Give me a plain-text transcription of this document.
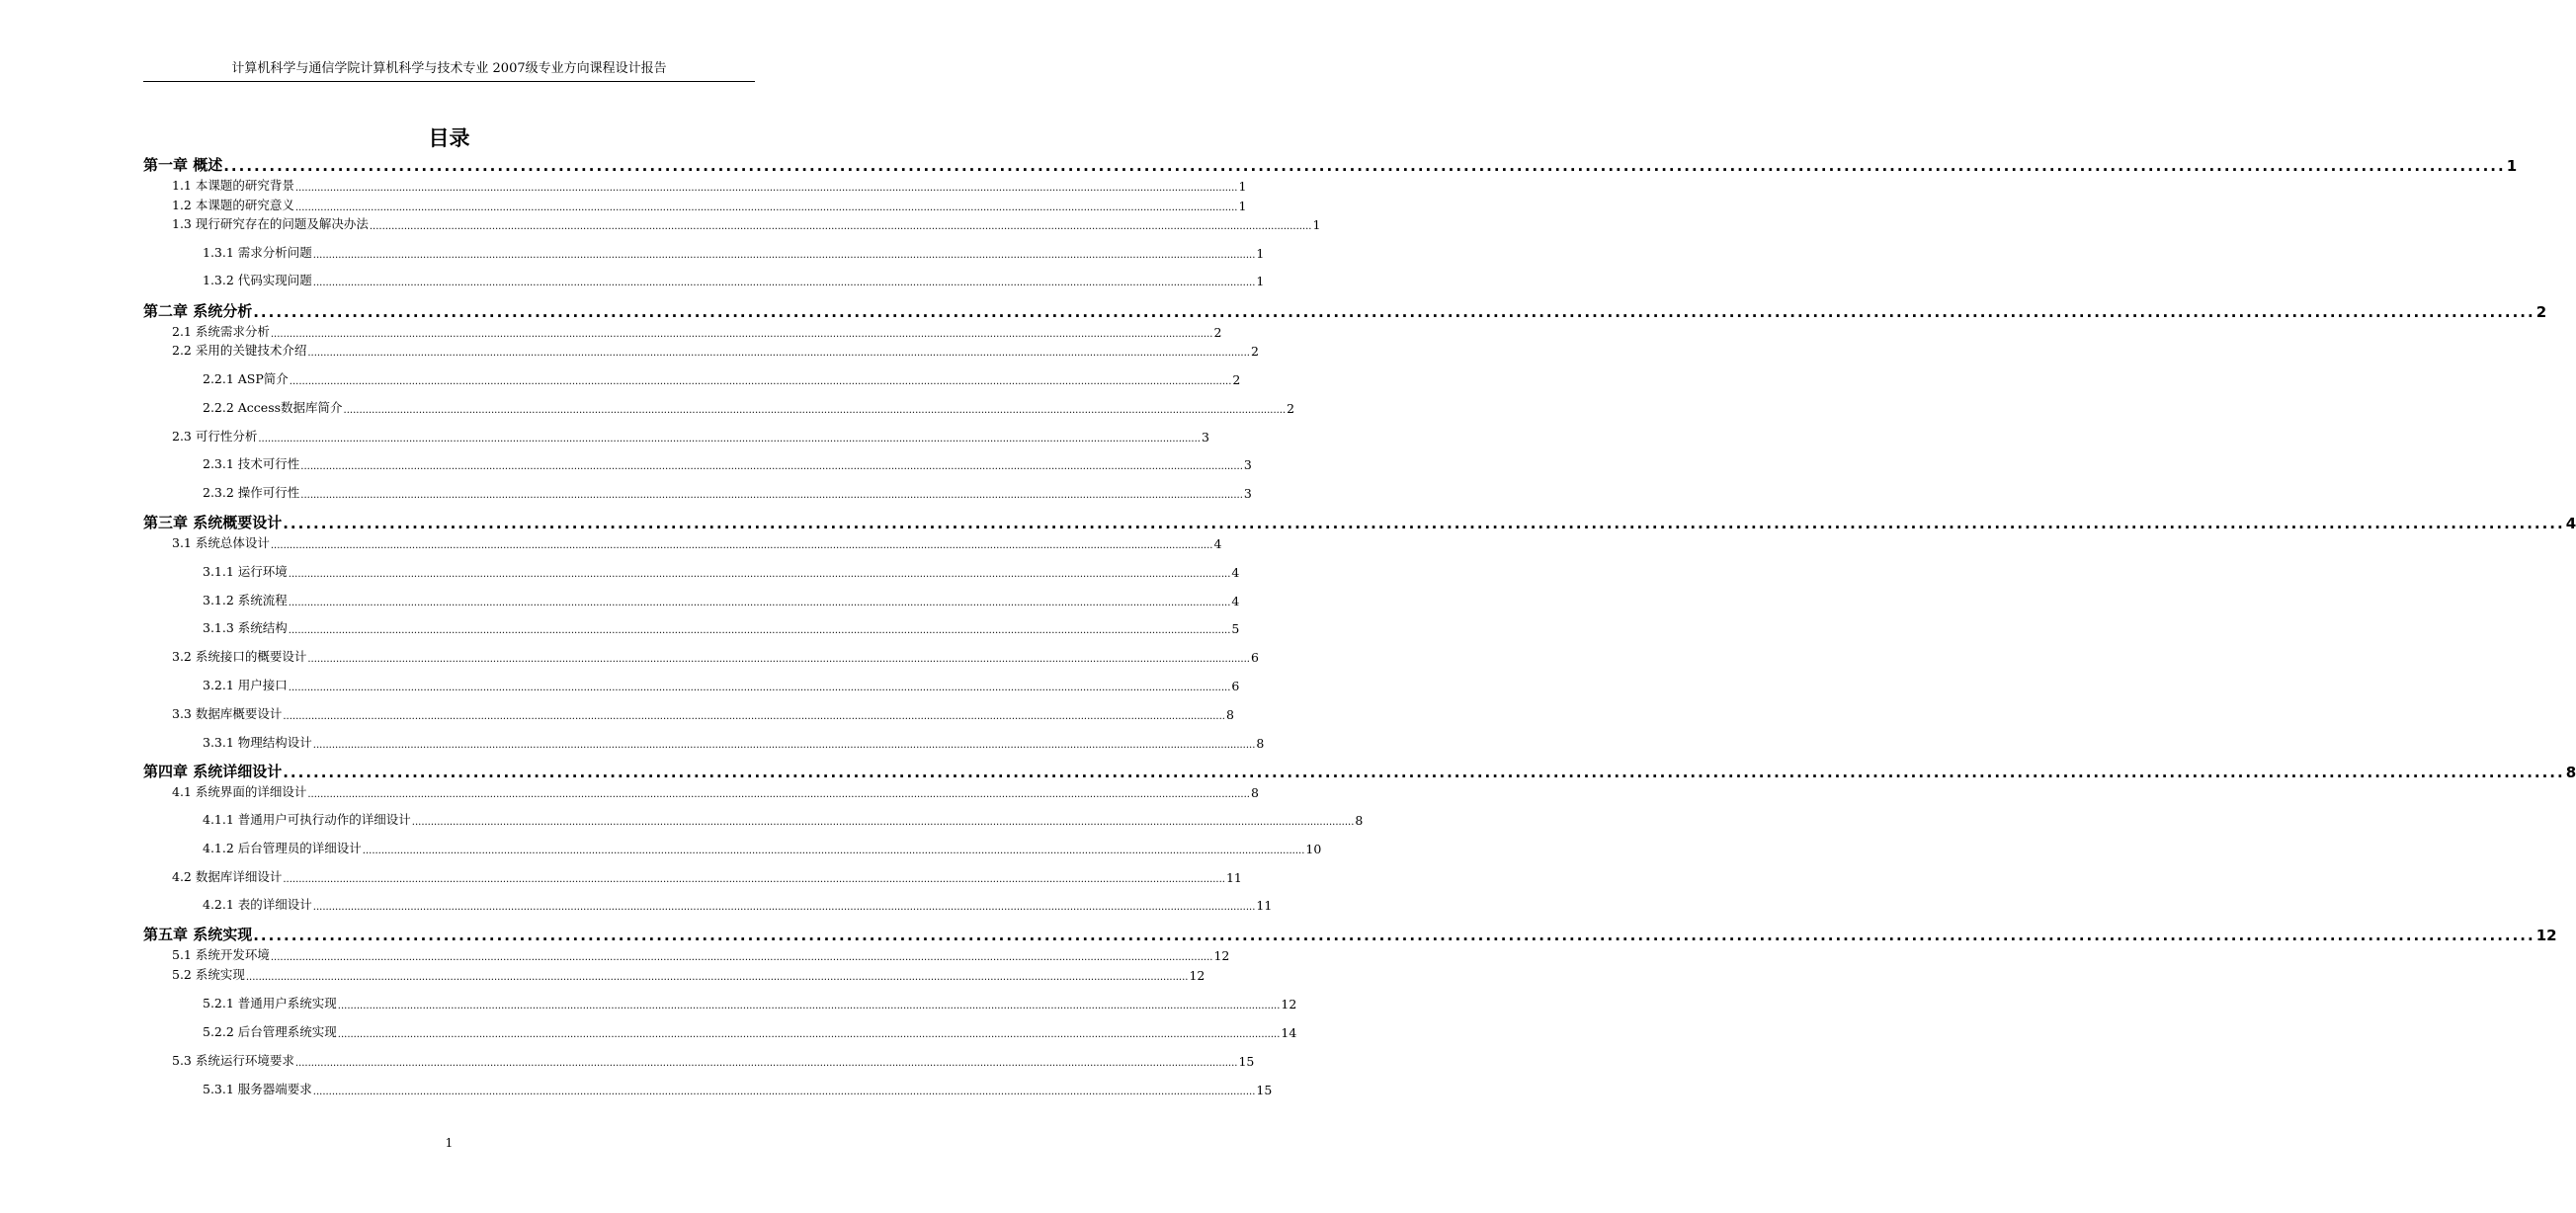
计算机科学与通信学院计算机科学与技术专业 2007级专业方向课程设计报告
目录
第一章 概述 ............................................................................................................................................................................................................................................................................................................ 1
1.1 本课题的研究背景 ............................................................................................................................................................................................................................................................................................................ 1
1.2 本课题的研究意义 ............................................................................................................................................................................................................................................................................................................ 1
1.3 现行研究存在的问题及解决办法 ............................................................................................................................................................................................................................................................................................................ 1
1.3.1 需求分析问题 ............................................................................................................................................................................................................................................................................................................ 1
1.3.2 代码实现问题 ............................................................................................................................................................................................................................................................................................................ 1
第二章 系统分析 ............................................................................................................................................................................................................................................................................................................ 2
2.1 系统需求分析 ............................................................................................................................................................................................................................................................................................................ 2
2.2 采用的关键技术介绍 ............................................................................................................................................................................................................................................................................................................ 2
2.2.1 ASP简介 ............................................................................................................................................................................................................................................................................................................ 2
2.2.2 Access数据库简介 ............................................................................................................................................................................................................................................................................................................ 2
2.3 可行性分析 ............................................................................................................................................................................................................................................................................................................ 3
2.3.1 技术可行性 ............................................................................................................................................................................................................................................................................................................ 3
2.3.2 操作可行性 ............................................................................................................................................................................................................................................................................................................ 3
第三章 系统概要设计 ............................................................................................................................................................................................................................................................................................................ 4
3.1 系统总体设计 ............................................................................................................................................................................................................................................................................................................ 4
3.1.1 运行环境 ............................................................................................................................................................................................................................................................................................................ 4
3.1.2 系统流程 ............................................................................................................................................................................................................................................................................................................ 4
3.1.3 系统结构 ............................................................................................................................................................................................................................................................................................................ 5
3.2 系统接口的概要设计 ............................................................................................................................................................................................................................................................................................................ 6
3.2.1 用户接口 ............................................................................................................................................................................................................................................................................................................ 6
3.3 数据库概要设计 ............................................................................................................................................................................................................................................................................................................ 8
3.3.1 物理结构设计 ............................................................................................................................................................................................................................................................................................................ 8
第四章 系统详细设计 ............................................................................................................................................................................................................................................................................................................ 8
4.1 系统界面的详细设计 ............................................................................................................................................................................................................................................................................................................ 8
4.1.1 普通用户可执行动作的详细设计 ............................................................................................................................................................................................................................................................................................................ 8
4.1.2 后台管理员的详细设计 ............................................................................................................................................................................................................................................................................................................ 10
4.2 数据库详细设计 ............................................................................................................................................................................................................................................................................................................ 11
4.2.1 表的详细设计 ............................................................................................................................................................................................................................................................................................................ 11
第五章 系统实现 ............................................................................................................................................................................................................................................................................................................ 12
5.1 系统开发环境 ............................................................................................................................................................................................................................................................................................................ 12
5.2 系统实现 ............................................................................................................................................................................................................................................................................................................ 12
5.2.1 普通用户系统实现 ............................................................................................................................................................................................................................................................................................................ 12
5.2.2 后台管理系统实现 ............................................................................................................................................................................................................................................................................................................ 14
5.3 系统运行环境要求 ............................................................................................................................................................................................................................................................................................................ 15
5.3.1 服务器端要求 ............................................................................................................................................................................................................................................................................................................ 15
1
